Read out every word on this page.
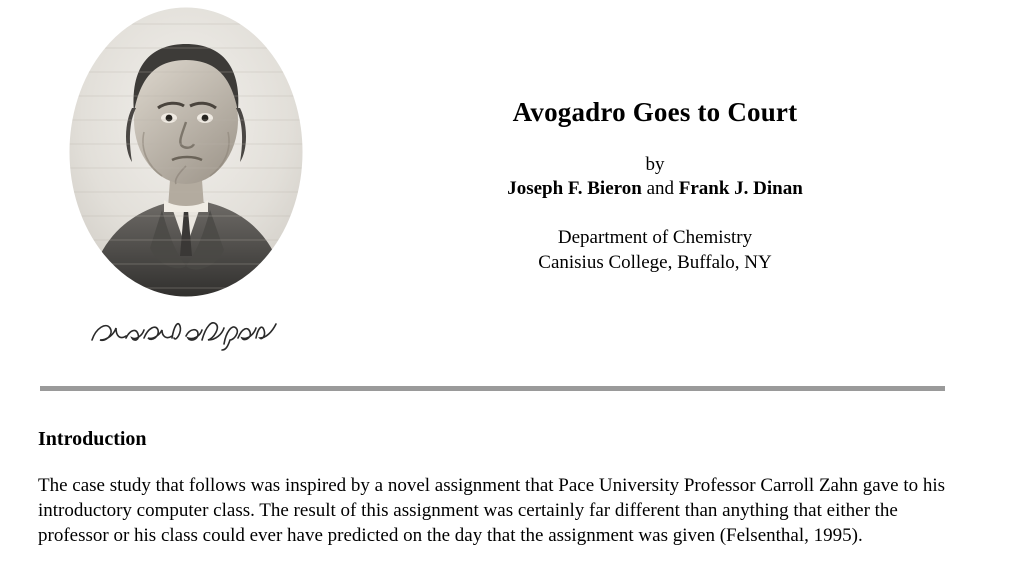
Avogadro Goes to Court
by
Joseph F. Bieron and Frank J. Dinan
Department of Chemistry
Canisius College, Buffalo, NY
Introduction

The case study that follows was inspired by a novel assignment that Pace University Professor Carroll Zahn gave to his introductory computer class. The result of this assignment was certainly far different than anything that either the professor or his class could ever have predicted on the day that the assignment was given (Felsenthal, 1995).
